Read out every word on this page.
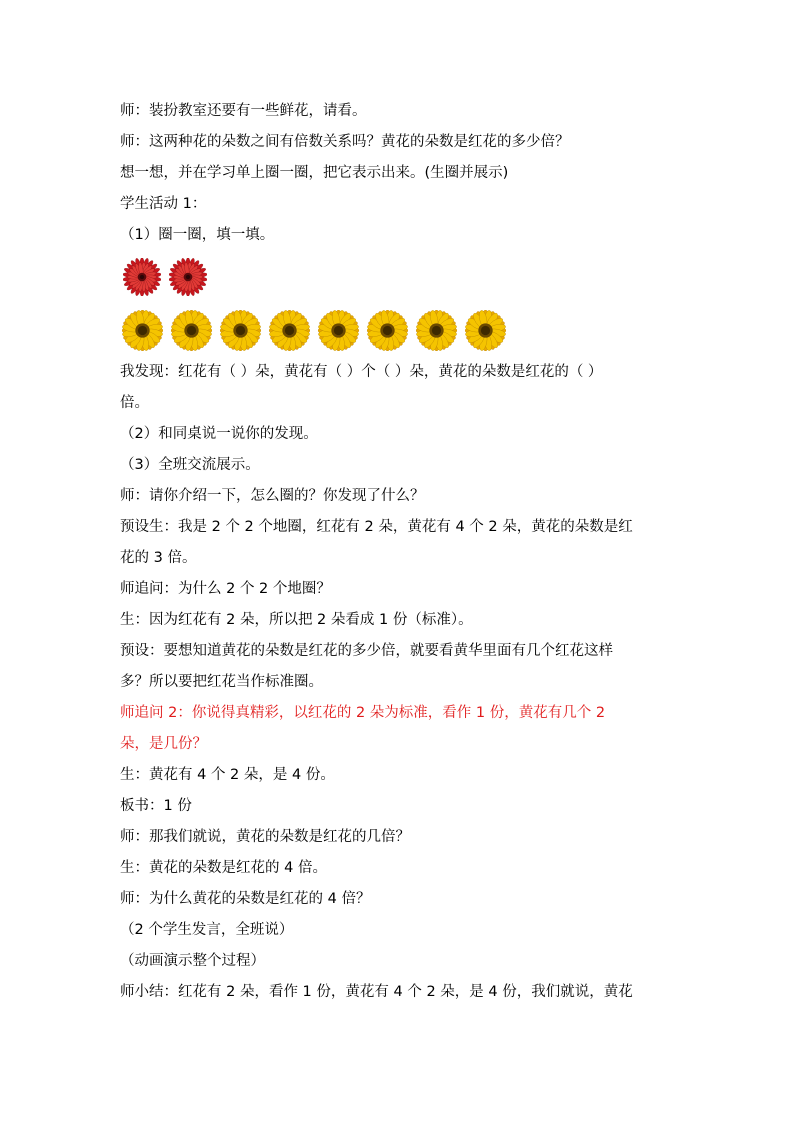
师：装扮教室还要有一些鲜花，请看。
师：这两种花的朵数之间有倍数关系吗？黄花的朵数是红花的多少倍？
想一想，并在学习单上圈一圈，把它表示出来。(生圈并展示)
学生活动 1：
（1）圈一圈，填一填。
我发现：红花有（ ）朵，黄花有（ ）个（ ）朵，黄花的朵数是红花的（ ）
倍。
（2）和同桌说一说你的发现。
（3）全班交流展示。
师：请你介绍一下，怎么圈的？你发现了什么？
预设生：我是 2 个 2 个地圈，红花有 2 朵，黄花有 4 个 2 朵，黄花的朵数是红
花的 3 倍。
师追问：为什么 2 个 2 个地圈？
生：因为红花有 2 朵，所以把 2 朵看成 1 份（标准）。
预设：要想知道黄花的朵数是红花的多少倍，就要看黄华里面有几个红花这样
多？所以要把红花当作标准圈。
师追问 2：你说得真精彩，以红花的 2 朵为标准，看作 1 份，黄花有几个 2
朵，是几份？
生：黄花有 4 个 2 朵，是 4 份。
板书：1 份
师：那我们就说，黄花的朵数是红花的几倍？
生：黄花的朵数是红花的 4 倍。
师：为什么黄花的朵数是红花的 4 倍？
（2 个学生发言，全班说）
（动画演示整个过程）
师小结：红花有 2 朵，看作 1 份，黄花有 4 个 2 朵，是 4 份，我们就说，黄花
